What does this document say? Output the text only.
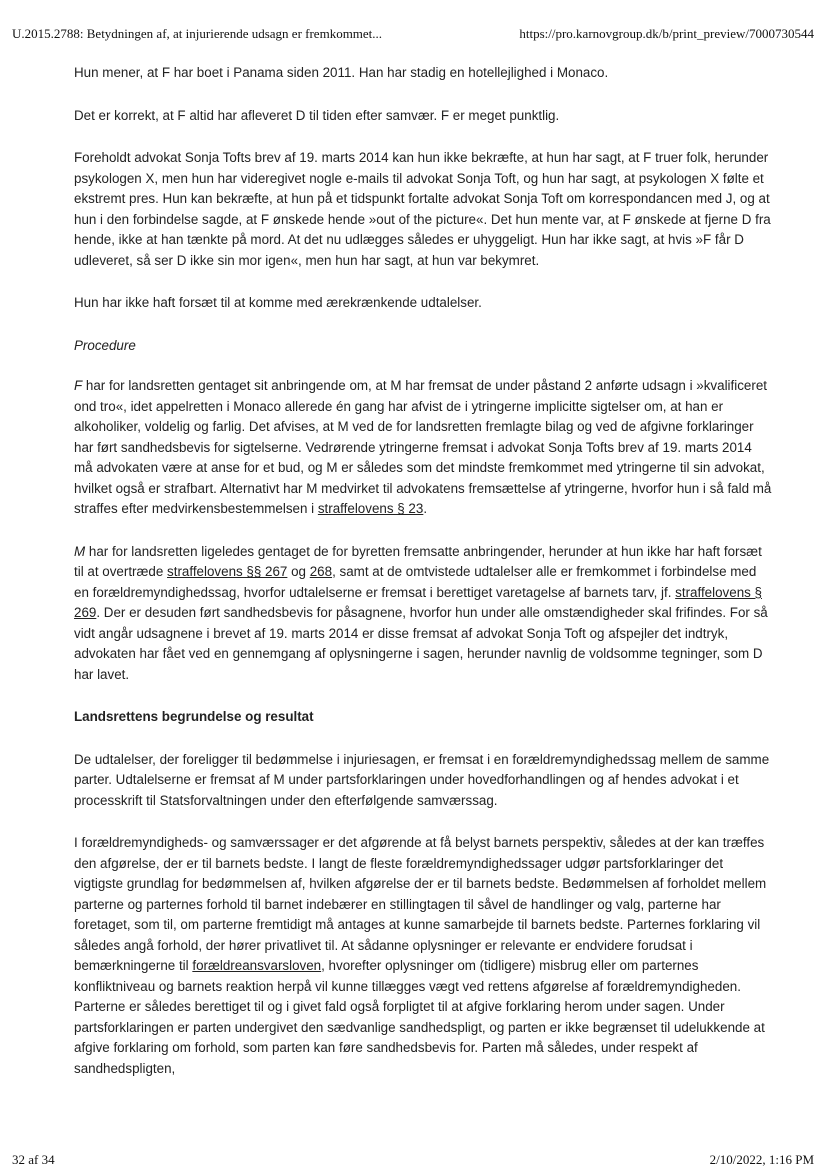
U.2015.2788: Betydningen af, at injurierende udsagn er fremkommet...	https://pro.karnovgroup.dk/b/print_preview/7000730544

Hun mener, at F har boet i Panama siden 2011. Han har stadig en hotellejlighed i Monaco.

Det er korrekt, at F altid har afleveret D til tiden efter samvær. F er meget punktlig.

Foreholdt advokat Sonja Tofts brev af 19. marts 2014 kan hun ikke bekræfte, at hun har sagt, at F truer folk, herunder psykologen X, men hun har videregivet nogle e-mails til advokat Sonja Toft, og hun har sagt, at psykologen X følte et ekstremt pres. Hun kan bekræfte, at hun på et tidspunkt fortalte advokat Sonja Toft om korrespondancen med J, og at hun i den forbindelse sagde, at F ønskede hende »out of the picture«. Det hun mente var, at F ønskede at fjerne D fra hende, ikke at han tænkte på mord. At det nu udlægges således er uhyggeligt. Hun har ikke sagt, at hvis »F får D udleveret, så ser D ikke sin mor igen«, men hun har sagt, at hun var bekymret.

Hun har ikke haft forsæt til at komme med ærekrænkende udtalelser.

Procedure

F har for landsretten gentaget sit anbringende om, at M har fremsat de under påstand 2 anførte udsagn i »kvalificeret ond tro«, idet appelretten i Monaco allerede én gang har afvist de i ytringerne implicitte sigtelser om, at han er alkoholiker, voldelig og farlig. Det afvises, at M ved de for landsretten fremlagte bilag og ved de afgivne forklaringer har ført sandhedsbevis for sigtelserne. Vedrørende ytringerne fremsat i advokat Sonja Tofts brev af 19. marts 2014 må advokaten være at anse for et bud, og M er således som det mindste fremkommet med ytringerne til sin advokat, hvilket også er strafbart. Alternativt har M medvirket til advokatens fremsættelse af ytringerne, hvorfor hun i så fald må straffes efter medvirkensbestemmelsen i straffelovens § 23.

M har for landsretten ligeledes gentaget de for byretten fremsatte anbringender, herunder at hun ikke har haft forsæt til at overtræde straffelovens §§ 267 og 268, samt at de omtvistede udtalelser alle er fremkommet i forbindelse med en forældremyndighedssag, hvorfor udtalelserne er fremsat i berettiget varetagelse af barnets tarv, jf. straffelovens § 269. Der er desuden ført sandhedsbevis for påsagnene, hvorfor hun under alle omstændigheder skal frifindes. For så vidt angår udsagnene i brevet af 19. marts 2014 er disse fremsat af advokat Sonja Toft og afspejler det indtryk, advokaten har fået ved en gennemgang af oplysningerne i sagen, herunder navnlig de voldsomme tegninger, som D har lavet.

Landsrettens begrundelse og resultat

De udtalelser, der foreligger til bedømmelse i injuriesagen, er fremsat i en forældremyndighedssag mellem de samme parter. Udtalelserne er fremsat af M under partsforklaringen under hovedforhandlingen og af hendes advokat i et processkrift til Statsforvaltningen under den efterfølgende samværssag.

I forældremyndigheds- og samværssager er det afgørende at få belyst barnets perspektiv, således at der kan træffes den afgørelse, der er til barnets bedste. I langt de fleste forældremyndighedssager udgør partsforklaringer det vigtigste grundlag for bedømmelsen af, hvilken afgørelse der er til barnets bedste. Bedømmelsen af forholdet mellem parterne og parternes forhold til barnet indebærer en stillingtagen til såvel de handlinger og valg, parterne har foretaget, som til, om parterne fremtidigt må antages at kunne samarbejde til barnets bedste. Parternes forklaring vil således angå forhold, der hører privatlivet til. At sådanne oplysninger er relevante er endvidere forudsat i bemærkningerne til forældreansvarsloven, hvorefter oplysninger om (tidligere) misbrug eller om parternes konfliktniveau og barnets reaktion herpå vil kunne tillægges vægt ved rettens afgørelse af forældremyndigheden. Parterne er således berettiget til og i givet fald også forpligtet til at afgive forklaring herom under sagen. Under partsforklaringen er parten undergivet den sædvanlige sandhedspligt, og parten er ikke begrænset til udelukkende at afgive forklaring om forhold, som parten kan føre sandhedsbevis for. Parten må således, under respekt af sandhedspligten,

32 af 34	2/10/2022, 1:16 PM
